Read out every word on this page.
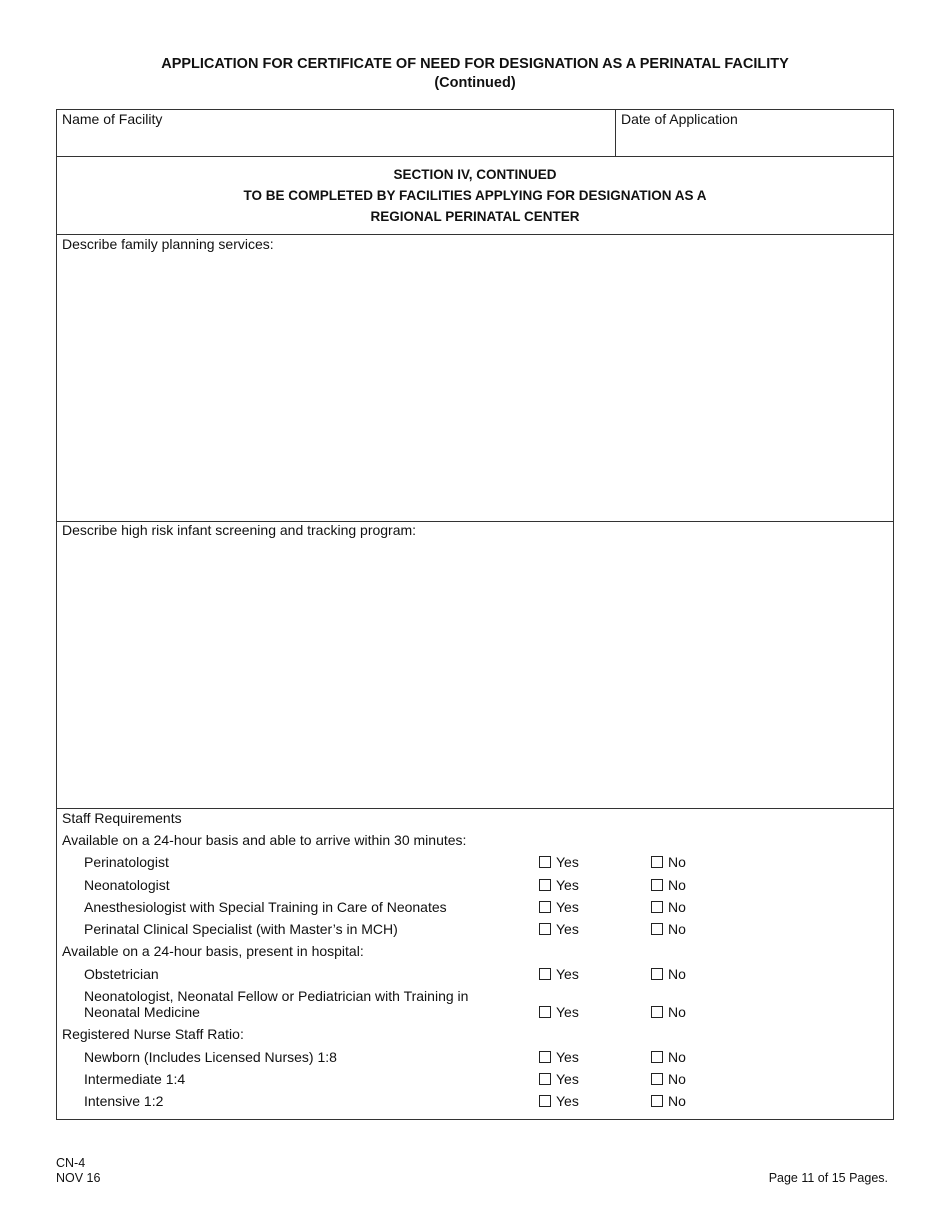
APPLICATION FOR CERTIFICATE OF NEED FOR DESIGNATION AS A PERINATAL FACILITY
(Continued)
Name of Facility	Date of Application
SECTION IV, CONTINUED
TO BE COMPLETED BY FACILITIES APPLYING FOR DESIGNATION AS A
REGIONAL PERINATAL CENTER
Describe family planning services:
Describe high risk infant screening and tracking program:
Staff Requirements
Available on a 24-hour basis and able to arrive within 30 minutes:
Perinatologist	Yes	No
Neonatologist	Yes	No
Anesthesiologist with Special Training in Care of Neonates	Yes	No
Perinatal Clinical Specialist (with Master’s in MCH)	Yes	No
Available on a 24-hour basis, present in hospital:
Obstetrician	Yes	No
Neonatologist, Neonatal Fellow or Pediatrician with Training in
Neonatal Medicine	Yes	No
Registered Nurse Staff Ratio:
Newborn (Includes Licensed Nurses) 1:8	Yes	No
Intermediate 1:4	Yes	No
Intensive 1:2	Yes	No
CN-4
NOV 16	Page 11 of 15 Pages.
